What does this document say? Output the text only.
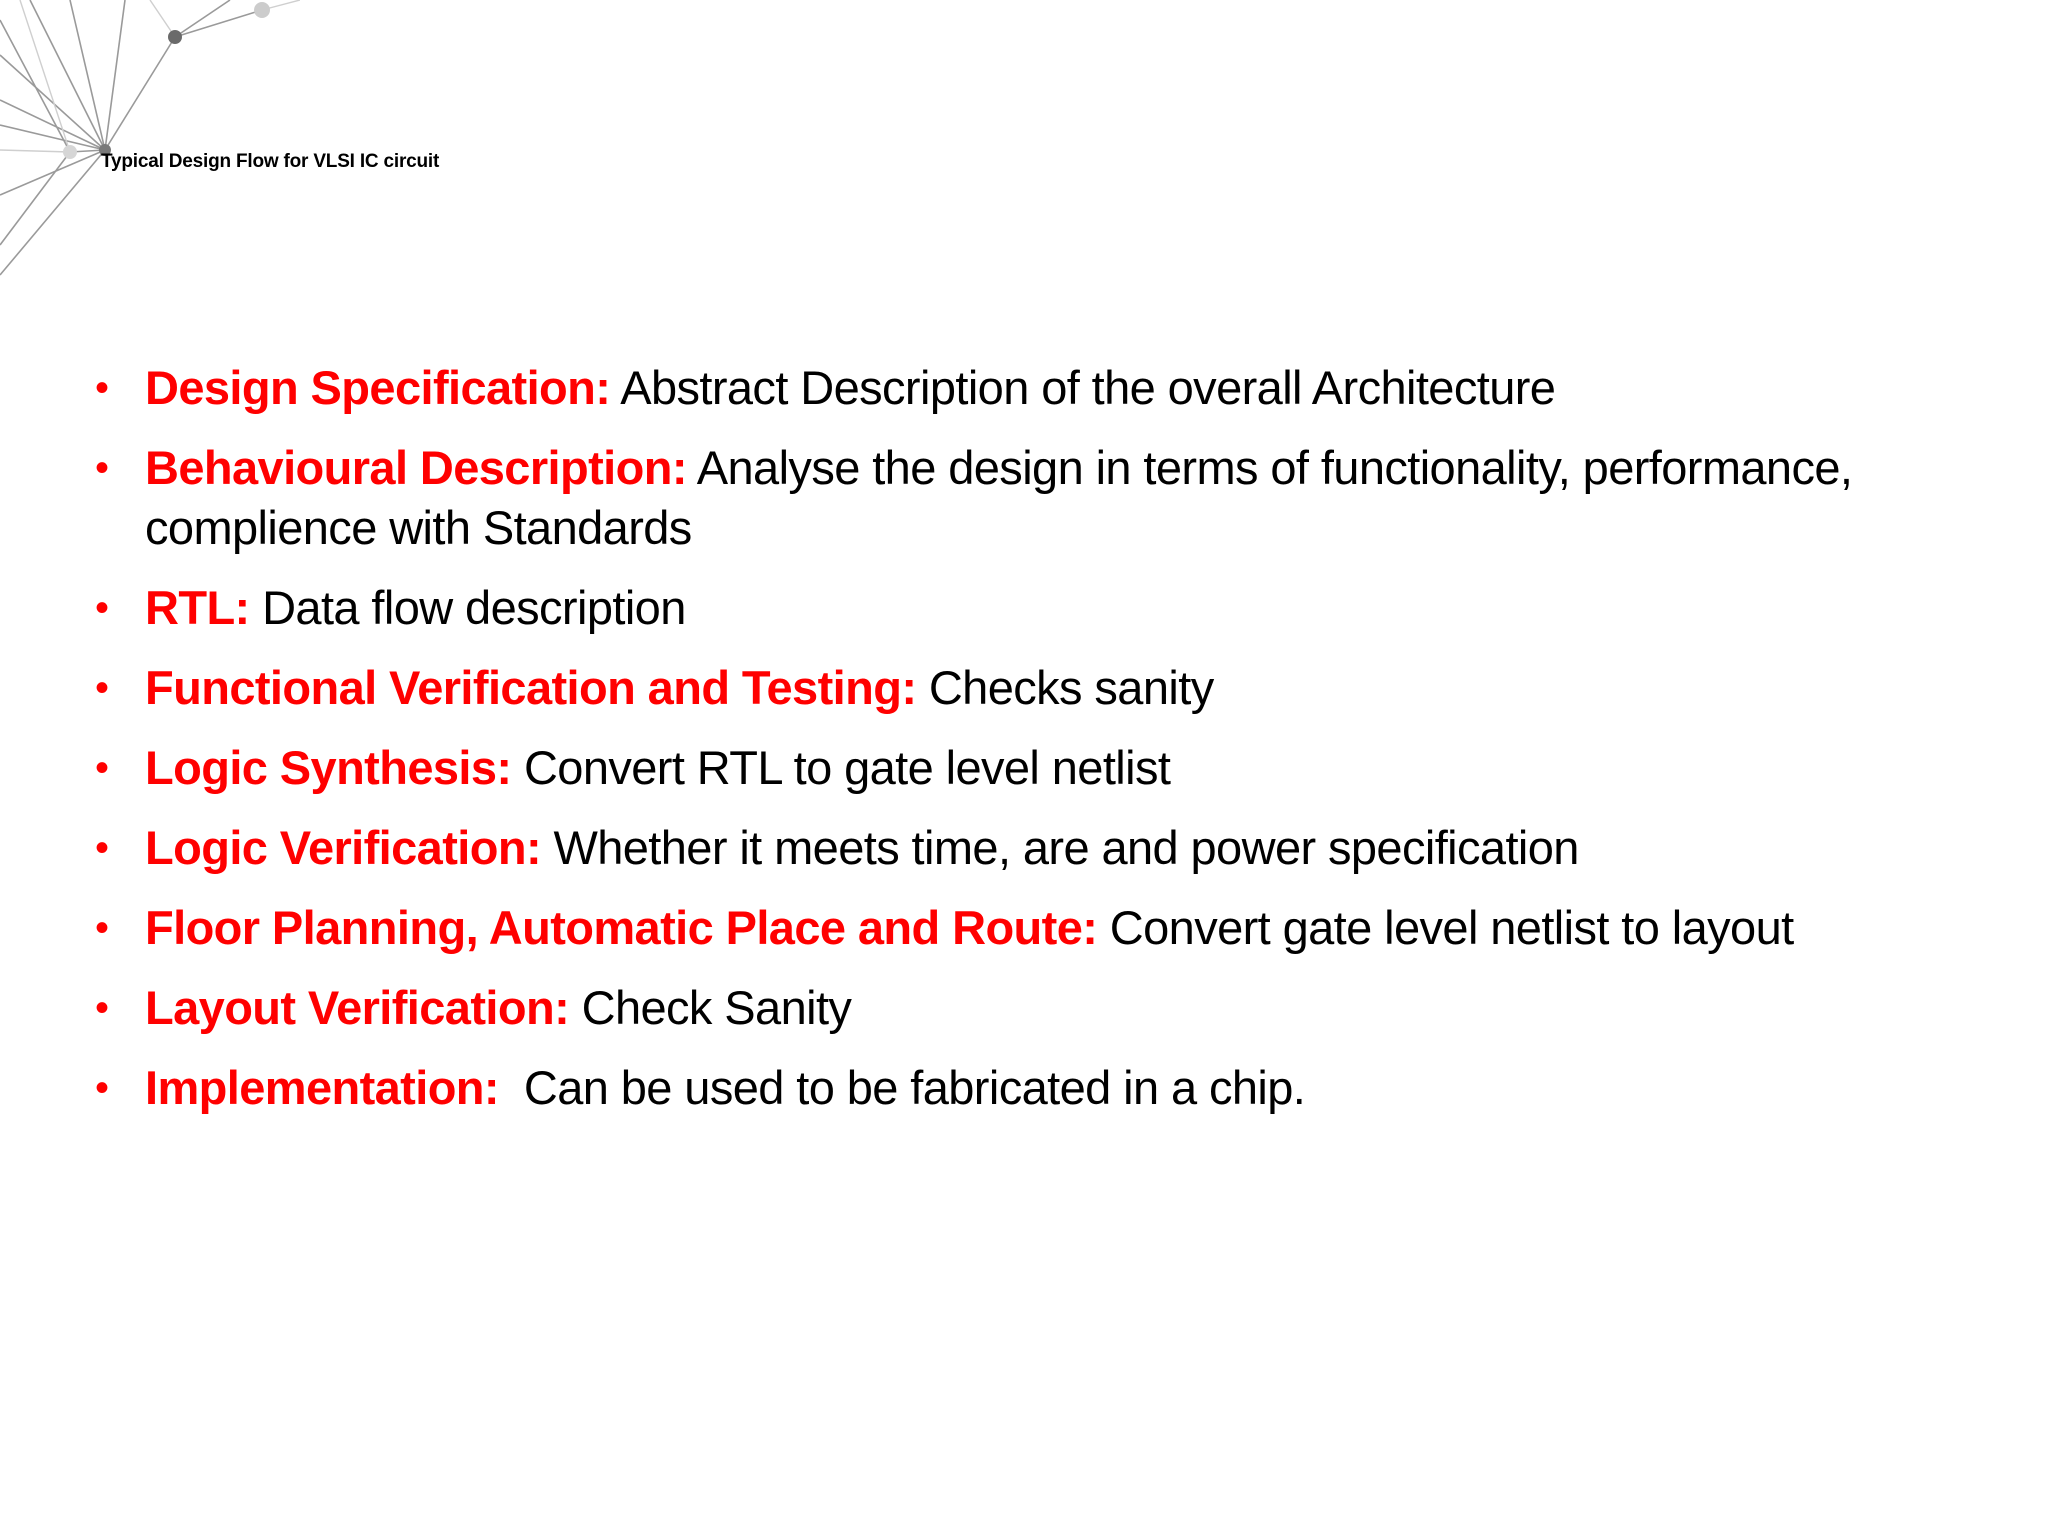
Typical Design Flow for VLSI IC circuit
• Design Specification: Abstract Description of the overall Architecture
• Behavioural Description: Analyse the design in terms of functionality, performance, complience with Standards
• RTL: Data flow description
• Functional Verification and Testing: Checks sanity
• Logic Synthesis: Convert RTL to gate level netlist
• Logic Verification: Whether it meets time, are and power specification
• Floor Planning, Automatic Place and Route: Convert gate level netlist to layout
• Layout Verification: Check Sanity
• Implementation:  Can be used to be fabricated in a chip.
